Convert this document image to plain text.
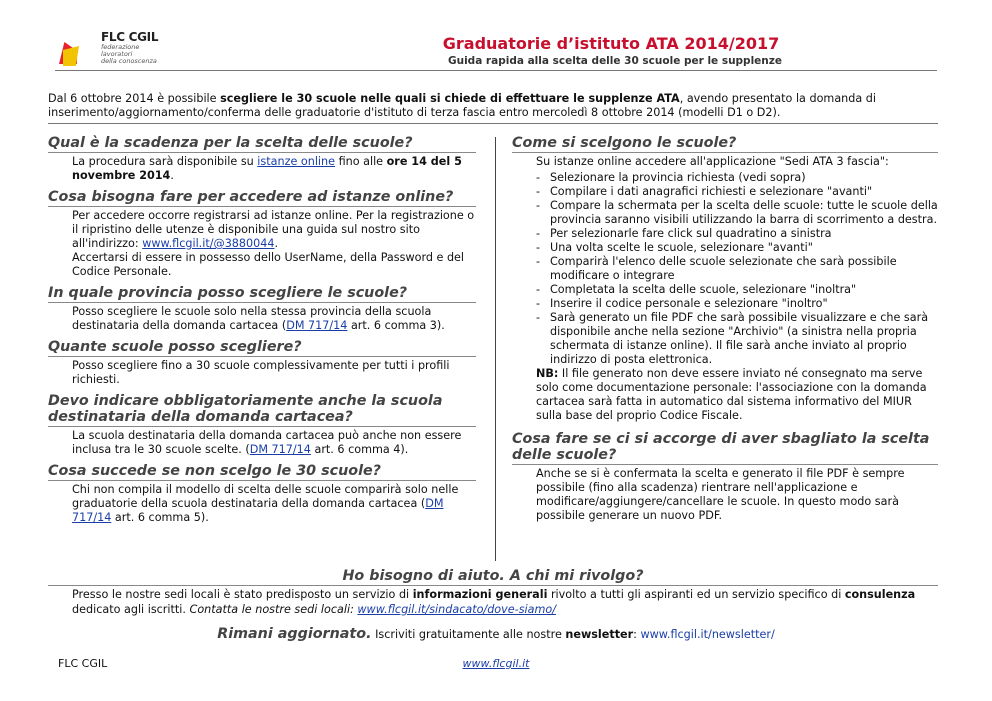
FLC CGIL
federazione
lavoratori
della conoscenza
Graduatorie d’istituto ATA 2014/2017
Guida rapida alla scelta delle 30 scuole per le supplenze
Dal 6 ottobre 2014 è possibile scegliere le 30 scuole nelle quali si chiede di effettuare le supplenze ATA, avendo presentato la domanda di inserimento/aggiornamento/conferma delle graduatorie d'istituto di terza fascia entro mercoledì 8 ottobre 2014 (modelli D1 o D2).
Qual è la scadenza per la scelta delle scuole?
La procedura sarà disponibile su istanze online fino alle ore 14 del 5 novembre 2014.
Cosa bisogna fare per accedere ad istanze online?
Per accedere occorre registrarsi ad istanze online. Per la registrazione o il ripristino delle utenze è disponibile una guida sul nostro sito all'indirizzo: www.flcgil.it/@3880044.
Accertarsi di essere in possesso dello UserName, della Password e del Codice Personale.
In quale provincia posso scegliere le scuole?
Posso scegliere le scuole solo nella stessa provincia della scuola destinataria della domanda cartacea (DM 717/14 art. 6 comma 3).
Quante scuole posso scegliere?
Posso scegliere fino a 30 scuole complessivamente per tutti i profili richiesti.
Devo indicare obbligatoriamente anche la scuola destinataria della domanda cartacea?
La scuola destinataria della domanda cartacea può anche non essere inclusa tra le 30 scuole scelte. (DM 717/14 art. 6 comma 4).
Cosa succede se non scelgo le 30 scuole?
Chi non compila il modello di scelta delle scuole comparirà solo nelle graduatorie della scuola destinataria della domanda cartacea (DM 717/14 art. 6 comma 5).
Come si scelgono le scuole?
Su istanze online accedere all'applicazione "Sedi ATA 3 fascia":
- Selezionare la provincia richiesta (vedi sopra)
- Compilare i dati anagrafici richiesti e selezionare "avanti"
- Compare la schermata per la scelta delle scuole: tutte le scuole della provincia saranno visibili utilizzando la barra di scorrimento a destra.
- Per selezionarle fare click sul quadratino a sinistra
- Una volta scelte le scuole, selezionare "avanti"
- Comparirà l'elenco delle scuole selezionate che sarà possibile modificare o integrare
- Completata la scelta delle scuole, selezionare "inoltra"
- Inserire il codice personale e selezionare "inoltro"
- Sarà generato un file PDF che sarà possibile visualizzare e che sarà disponibile anche nella sezione "Archivio" (a sinistra nella propria schermata di istanze online). Il file sarà anche inviato al proprio indirizzo di posta elettronica.
NB: Il file generato non deve essere inviato né consegnato ma serve solo come documentazione personale: l'associazione con la domanda cartacea sarà fatta in automatico dal sistema informativo del MIUR sulla base del proprio Codice Fiscale.
Cosa fare se ci si accorge di aver sbagliato la scelta delle scuole?
Anche se si è confermata la scelta e generato il file PDF è sempre possibile (fino alla scadenza) rientrare nell'applicazione e modificare/aggiungere/cancellare le scuole. In questo modo sarà possibile generare un nuovo PDF.
Ho bisogno di aiuto. A chi mi rivolgo?
Presso le nostre sedi locali è stato predisposto un servizio di informazioni generali rivolto a tutti gli aspiranti ed un servizio specifico di consulenza dedicato agli iscritti. Contatta le nostre sedi locali: www.flcgil.it/sindacato/dove-siamo/
Rimani aggiornato. Iscriviti gratuitamente alle nostre newsletter: www.flcgil.it/newsletter/
FLC CGIL	www.flcgil.it
